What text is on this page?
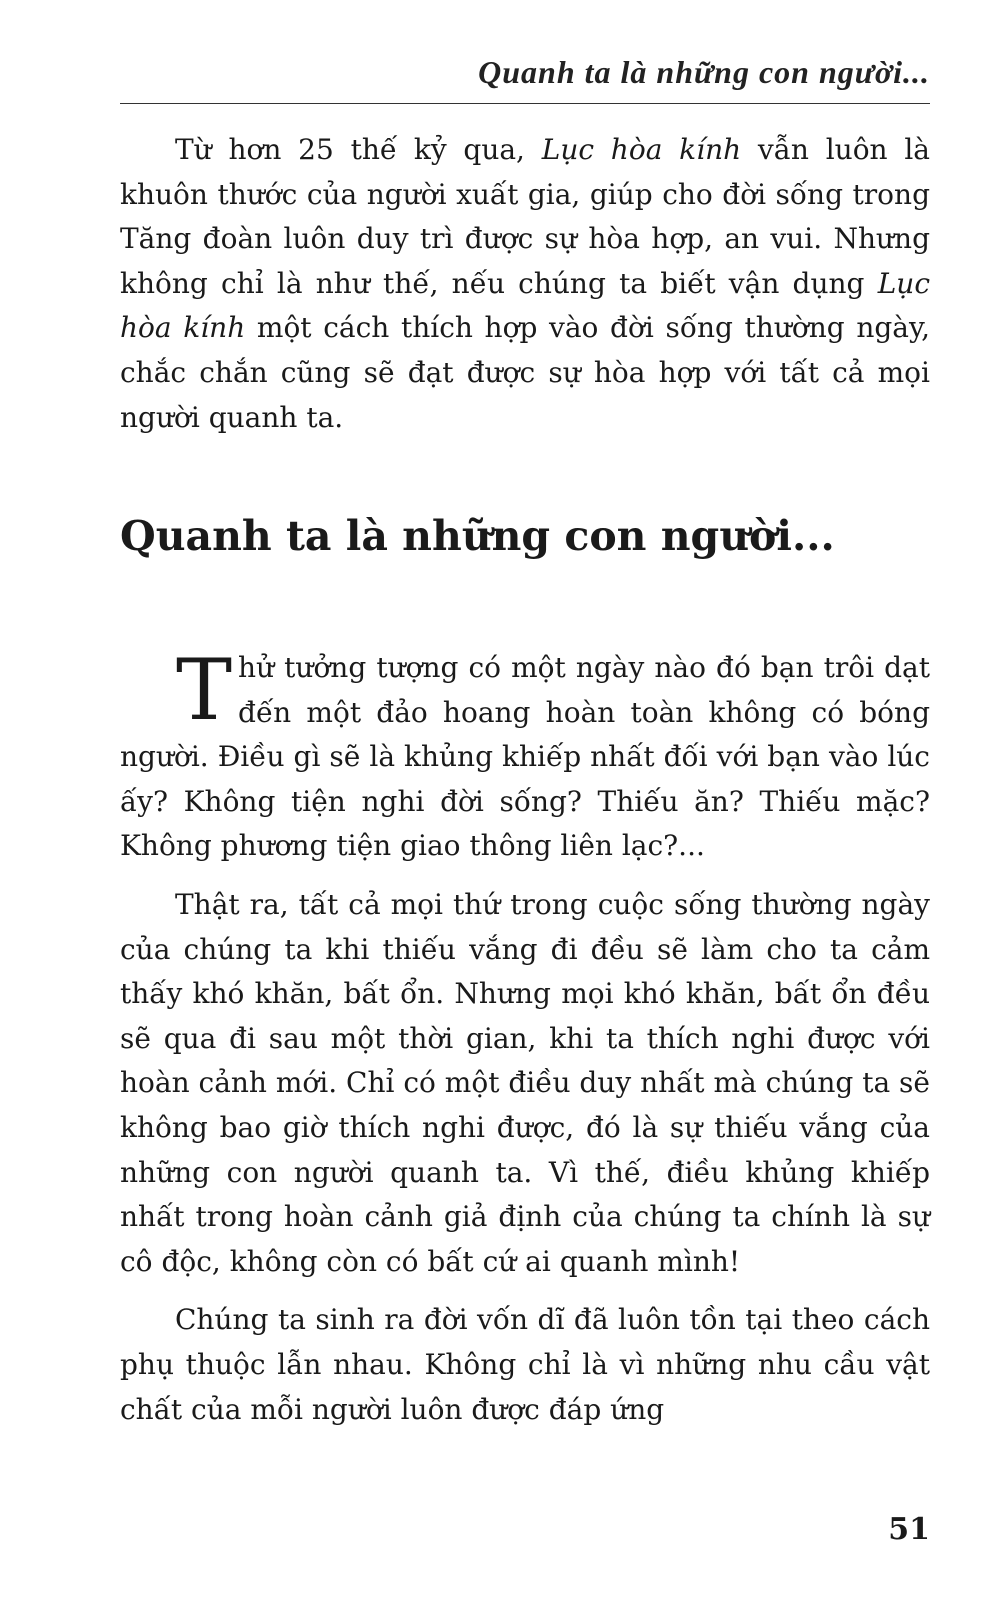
Quanh ta là những con người...

Từ hơn 25 thế kỷ qua, Lục hòa kính vẫn luôn là khuôn thước của người xuất gia, giúp cho đời sống trong Tăng đoàn luôn duy trì được sự hòa hợp, an vui. Nhưng không chỉ là như thế, nếu chúng ta biết vận dụng Lục hòa kính một cách thích hợp vào đời sống thường ngày, chắc chắn cũng sẽ đạt được sự hòa hợp với tất cả mọi người quanh ta.

Quanh ta là những con người...

Thử tưởng tượng có một ngày nào đó bạn trôi dạt đến một đảo hoang hoàn toàn không có bóng người. Điều gì sẽ là khủng khiếp nhất đối với bạn vào lúc ấy? Không tiện nghi đời sống? Thiếu ăn? Thiếu mặc? Không phương tiện giao thông liên lạc?...

Thật ra, tất cả mọi thứ trong cuộc sống thường ngày của chúng ta khi thiếu vắng đi đều sẽ làm cho ta cảm thấy khó khăn, bất ổn. Nhưng mọi khó khăn, bất ổn đều sẽ qua đi sau một thời gian, khi ta thích nghi được với hoàn cảnh mới. Chỉ có một điều duy nhất mà chúng ta sẽ không bao giờ thích nghi được, đó là sự thiếu vắng của những con người quanh ta. Vì thế, điều khủng khiếp nhất trong hoàn cảnh giả định của chúng ta chính là sự cô độc, không còn có bất cứ ai quanh mình!

Chúng ta sinh ra đời vốn dĩ đã luôn tồn tại theo cách phụ thuộc lẫn nhau. Không chỉ là vì những nhu cầu vật chất của mỗi người luôn được đáp ứng

51
